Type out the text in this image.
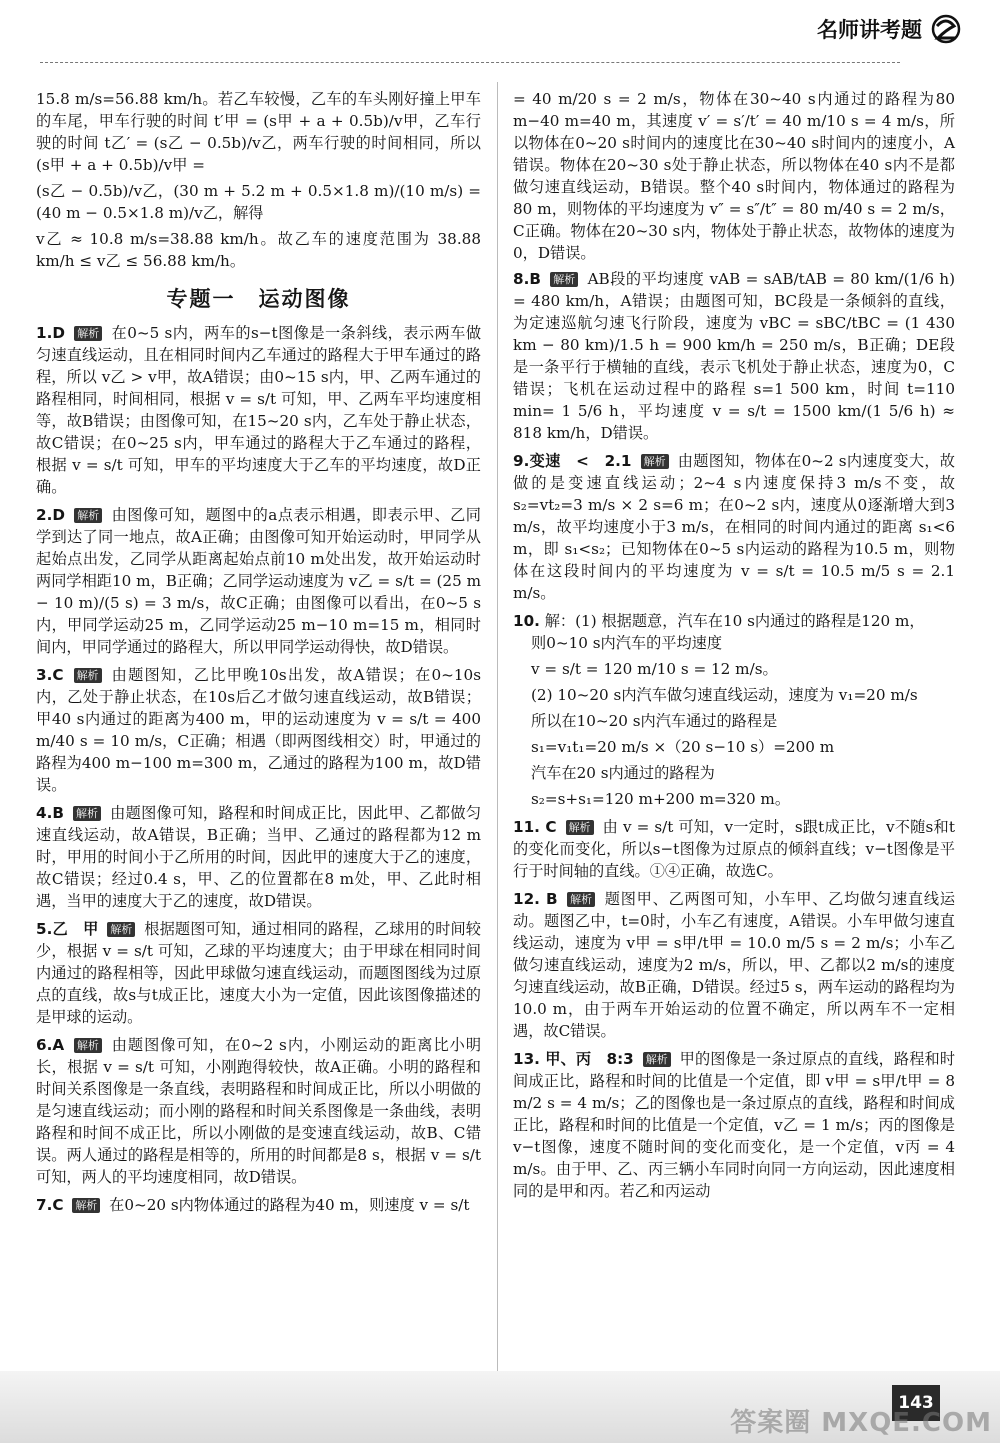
名师讲考题

15.8 m/s=56.88 km/h。若乙车较慢，乙车的车头刚好撞上甲车的车尾，甲车行驶的时间 t′甲 = (s甲 + a + 0.5b)/v甲，乙车行驶的时间 t乙′ = (s乙 − 0.5b)/v乙，两车行驶的时间相同，所以 (s甲 + a + 0.5b)/v甲 =

(s乙 − 0.5b)/v乙，(30 m + 5.2 m + 0.5×1.8 m)/(10 m/s) = (40 m − 0.5×1.8 m)/v乙，解得

v乙 ≈ 10.8 m/s=38.88 km/h。故乙车的速度范围为 38.88 km/h ≤ v乙 ≤ 56.88 km/h。

专题一　运动图像

1.D 解析 在0~5 s内，两车的s−t图像是一条斜线，表示两车做匀速直线运动，且在相同时间内乙车通过的路程大于甲车通过的路程，所以 v乙 > v甲，故A错误；由0~15 s内，甲、乙两车通过的路程相同，时间相同，根据 v = s/t 可知，甲、乙两车平均速度相等，故B错误；由图像可知，在15~20 s内，乙车处于静止状态，故C错误；在0~25 s内，甲车通过的路程大于乙车通过的路程，根据 v = s/t 可知，甲车的平均速度大于乙车的平均速度，故D正确。

2.D 解析 由图像可知，题图中的a点表示相遇，即表示甲、乙同学到达了同一地点，故A正确；由图像可知开始运动时，甲同学从起始点出发，乙同学从距离起始点前10 m处出发，故开始运动时两同学相距10 m，B正确；乙同学运动速度为 v乙 = s/t = (25 m − 10 m)/(5 s) = 3 m/s，故C正确；由图像可以看出，在0~5 s内，甲同学运动25 m，乙同学运动25 m−10 m=15 m，相同时间内，甲同学通过的路程大，所以甲同学运动得快，故D错误。

3.C 解析 由题图知，乙比甲晚10s出发，故A错误；在0~10s内，乙处于静止状态，在10s后乙才做匀速直线运动，故B错误；甲40 s内通过的距离为400 m，甲的运动速度为 v = s/t = 400 m/40 s = 10 m/s，C正确；相遇（即两图线相交）时，甲通过的路程为400 m−100 m=300 m，乙通过的路程为100 m，故D错误。

4.B 解析 由题图像可知，路程和时间成正比，因此甲、乙都做匀速直线运动，故A错误，B正确；当甲、乙通过的路程都为12 m时，甲用的时间小于乙所用的时间，因此甲的速度大于乙的速度，故C错误；经过0.4 s，甲、乙的位置都在8 m处，甲、乙此时相遇，当甲的速度大于乙的速度，故D错误。

5.乙　甲 解析 根据题图可知，通过相同的路程，乙球用的时间较少，根据 v = s/t 可知，乙球的平均速度大；由于甲球在相同时间内通过的路程相等，因此甲球做匀速直线运动，而题图图线为过原点的直线，故s与t成正比，速度大小为一定值，因此该图像描述的是甲球的运动。

6.A 解析 由题图像可知，在0~2 s内，小刚运动的距离比小明长，根据 v = s/t 可知，小刚跑得较快，故A正确。小明的路程和时间关系图像是一条直线，表明路程和时间成正比，所以小明做的是匀速直线运动；而小刚的路程和时间关系图像是一条曲线，表明路程和时间不成正比，所以小刚做的是变速直线运动，故B、C错误。两人通过的路程是相等的，所用的时间都是8 s，根据 v = s/t 可知，两人的平均速度相同，故D错误。

7.C 解析 在0~20 s内物体通过的路程为40 m，则速度 v = s/t

= 40 m/20 s = 2 m/s，物体在30~40 s内通过的路程为80 m−40 m=40 m，其速度 v′ = s′/t′ = 40 m/10 s = 4 m/s，所以物体在0~20 s时间内的速度比在30~40 s时间内的速度小，A错误。物体在20~30 s处于静止状态，所以物体在40 s内不是都做匀速直线运动，B错误。整个40 s时间内，物体通过的路程为80 m，则物体的平均速度为 v″ = s″/t″ = 80 m/40 s = 2 m/s，C正确。物体在20~30 s内，物体处于静止状态，故物体的速度为0，D错误。

8.B 解析 AB段的平均速度 vAB = sAB/tAB = 80 km/(1/6 h) = 480 km/h，A错误；由题图可知，BC段是一条倾斜的直线，为定速巡航匀速飞行阶段，速度为 vBC = sBC/tBC = (1 430 km − 80 km)/1.5 h = 900 km/h = 250 m/s，B正确；DE段是一条平行于横轴的直线，表示飞机处于静止状态，速度为0，C错误；飞机在运动过程中的路程 s=1 500 km，时间 t=110 min= 1 5/6 h，平均速度 v = s/t = 1500 km/(1 5/6 h) ≈ 818 km/h，D错误。

9.变速　<　2.1 解析 由题图知，物体在0~2 s内速度变大，故做的是变速直线运动；2~4 s内速度保持3 m/s不变，故 s₂=vt₂=3 m/s × 2 s=6 m；在0~2 s内，速度从0逐渐增大到3 m/s，故平均速度小于3 m/s，在相同的时间内通过的距离 s₁<6 m，即 s₁<s₂；已知物体在0~5 s内运动的路程为10.5 m，则物体在这段时间内的平均速度为 v = s/t = 10.5 m/5 s = 2.1 m/s。

10. 解：(1) 根据题意，汽车在10 s内通过的路程是120 m，

则0~10 s内汽车的平均速度

v = s/t = 120 m/10 s = 12 m/s。

(2) 10~20 s内汽车做匀速直线运动，速度为 v₁=20 m/s

所以在10~20 s内汽车通过的路程是

s₁=v₁t₁=20 m/s ×（20 s−10 s）=200 m

汽车在20 s内通过的路程为

s₂=s+s₁=120 m+200 m=320 m。

11. C 解析 由 v = s/t 可知，v一定时，s跟t成正比，v不随s和t的变化而变化，所以s−t图像为过原点的倾斜直线；v−t图像是平行于时间轴的直线。①④正确，故选C。

12. B 解析 题图甲、乙两图可知，小车甲、乙均做匀速直线运动。题图乙中，t=0时，小车乙有速度，A错误。小车甲做匀速直线运动，速度为 v甲 = s甲/t甲 = 10.0 m/5 s = 2 m/s；小车乙做匀速直线运动，速度为2 m/s，所以，甲、乙都以2 m/s的速度匀速直线运动，故B正确，D错误。经过5 s，两车运动的路程均为10.0 m，由于两车开始运动的位置不确定，所以两车不一定相遇，故C错误。

13. 甲、丙　8:3 解析 甲的图像是一条过原点的直线，路程和时间成正比，路程和时间的比值是一个定值，即 v甲 = s甲/t甲 = 8 m/2 s = 4 m/s；乙的图像也是一条过原点的直线，路程和时间成正比，路程和时间的比值是一个定值，v乙 = 1 m/s；丙的图像是v−t图像，速度不随时间的变化而变化，是一个定值，v丙 = 4 m/s。由于甲、乙、丙三辆小车同时向同一方向运动，因此速度相同的是甲和丙。若乙和丙运动

143
答案圈 MXQE.COM
